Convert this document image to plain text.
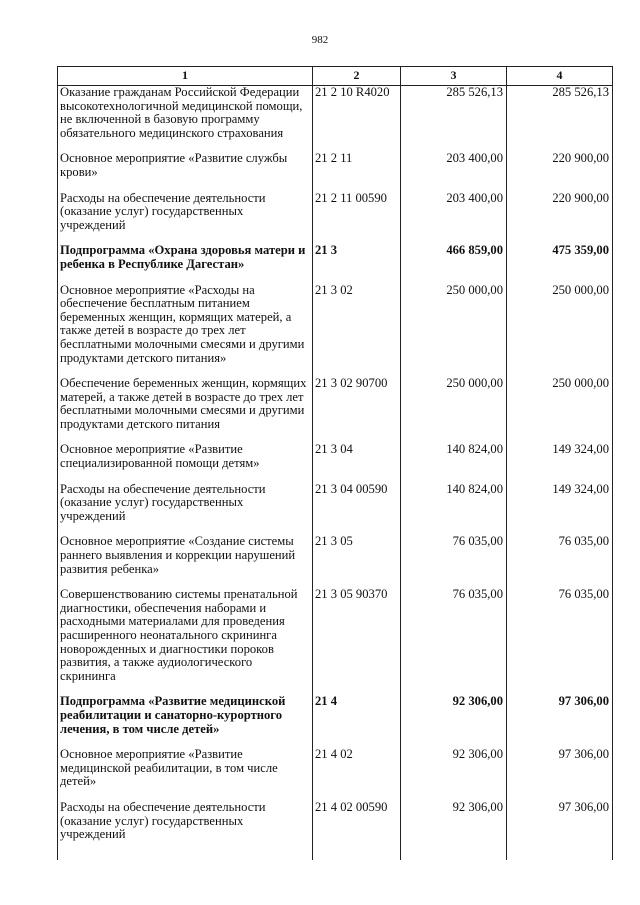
982
1	2	3	4
Оказание гражданам Российской Федерации высокотехнологичной медицинской помощи, не включенной в базовую программу обязательного медицинского страхования	21 2 10 R4020	285 526,13	285 526,13
Основное мероприятие «Развитие службы крови»	21 2 11	203 400,00	220 900,00
Расходы на обеспечение деятельности (оказание услуг) государственных учреждений	21 2 11 00590	203 400,00	220 900,00
Подпрограмма «Охрана здоровья матери и ребенка в Республике Дагестан»	21 3	466 859,00	475 359,00
Основное мероприятие «Расходы на обеспечение бесплатным питанием беременных женщин, кормящих матерей, а также детей в возрасте до трех лет бесплатными молочными смесями и другими продуктами детского питания»	21 3 02	250 000,00	250 000,00
Обеспечение беременных женщин, кормящих матерей, а также детей в возрасте до трех лет бесплатными молочными смесями и другими продуктами детского питания	21 3 02 90700	250 000,00	250 000,00
Основное мероприятие «Развитие специализированной помощи детям»	21 3 04	140 824,00	149 324,00
Расходы на обеспечение деятельности (оказание услуг) государственных учреждений	21 3 04 00590	140 824,00	149 324,00
Основное мероприятие «Создание системы раннего выявления и коррекции нарушений развития ребенка»	21 3 05	76 035,00	76 035,00
Совершенствованию системы пренатальной диагностики, обеспечения наборами и расходными материалами для проведения расширенного неонатального скрининга новорожденных и диагностики пороков развития, а также аудиологического скрининга	21 3 05 90370	76 035,00	76 035,00
Подпрограмма «Развитие медицинской реабилитации и санаторно-курортного лечения, в том числе детей»	21 4	92 306,00	97 306,00
Основное мероприятие «Развитие медицинской реабилитации, в том числе детей»	21 4 02	92 306,00	97 306,00
Расходы на обеспечение деятельности (оказание услуг) государственных учреждений	21 4 02 00590	92 306,00	97 306,00
